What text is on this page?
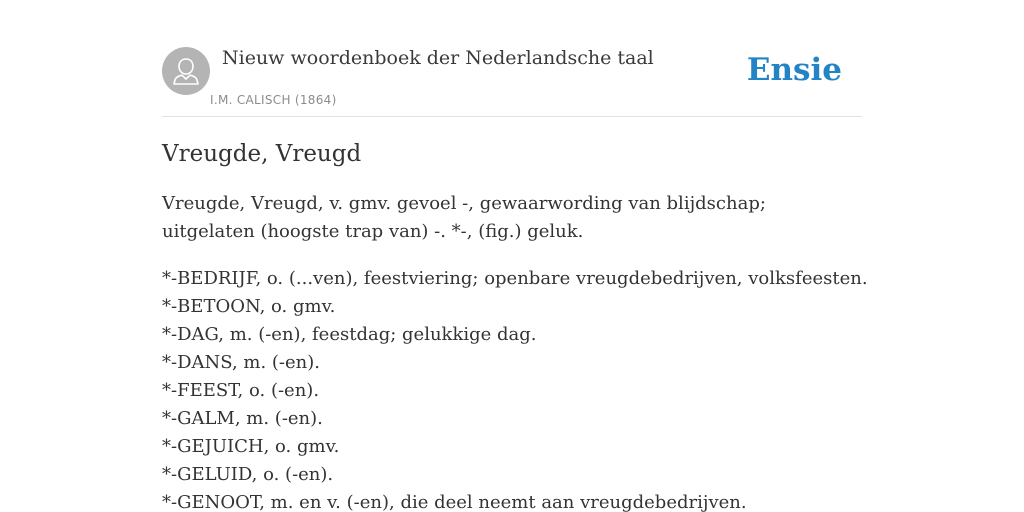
Nieuw woordenboek der Nederlandsche taal
I.M. CALISCH (1864)
Ensie
Vreugde, Vreugd

Vreugde, Vreugd, v. gmv. gevoel -, gewaarwording van blijdschap; uitgelaten (hoogste trap van) -. *-, (fig.) geluk.

*-BEDRIJF, o. (...ven), feestviering; openbare vreugdebedrijven, volksfeesten.
*-BETOON, o. gmv.
*-DAG, m. (-en), feestdag; gelukkige dag.
*-DANS, m. (-en).
*-FEEST, o. (-en).
*-GALM, m. (-en).
*-GEJUICH, o. gmv.
*-GELUID, o. (-en).
*-GENOOT, m. en v. (-en), die deel neemt aan vreugdebedrijven.
